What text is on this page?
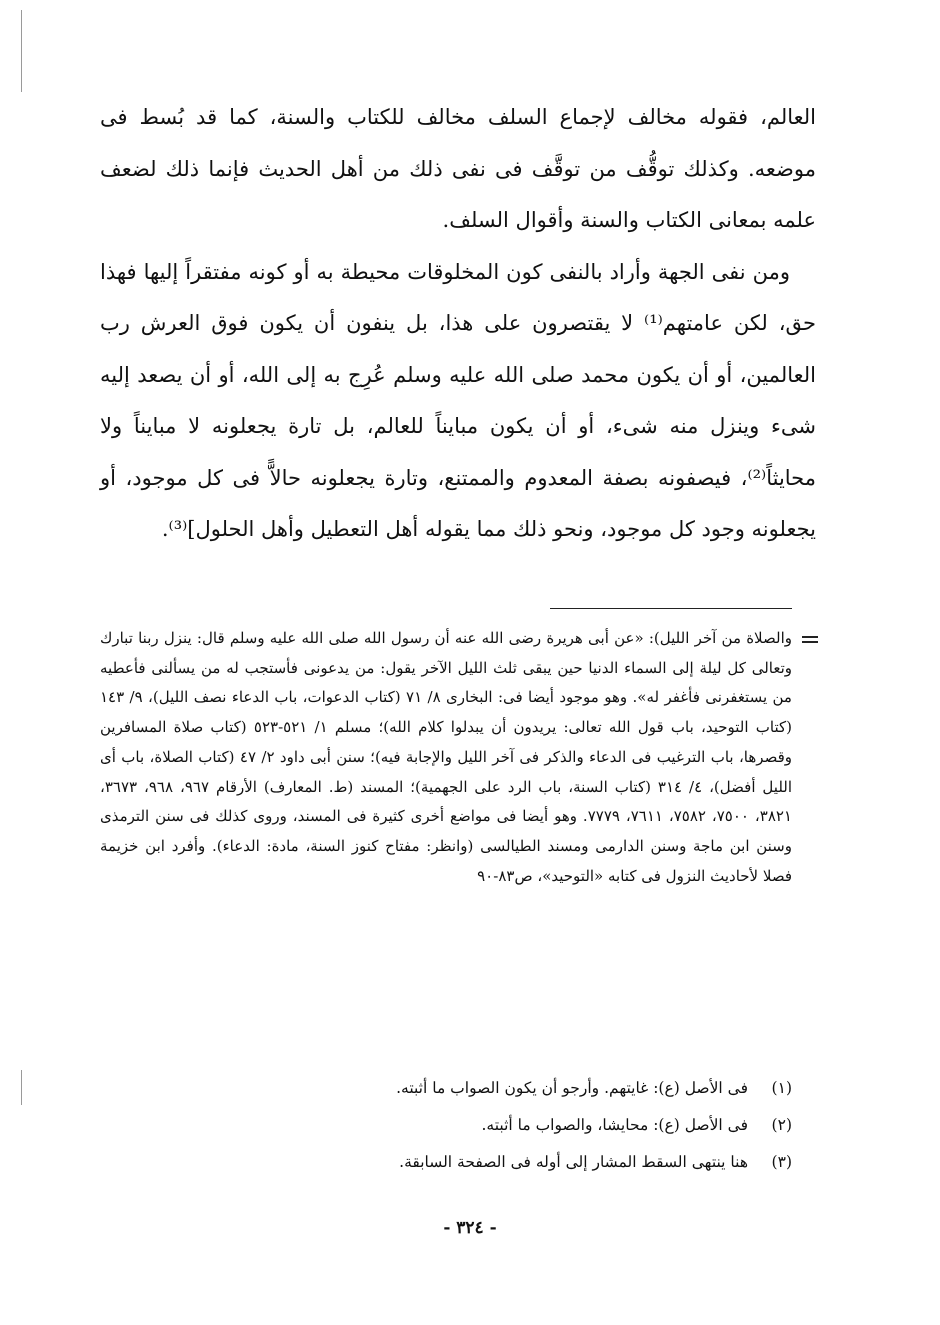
العالم، فقوله مخالف لإجماع السلف مخالف للكتاب والسنة، كما قد بُسط فى موضعه. وكذلك توقُّف من توقَّف فى نفى ذلك من أهل الحديث فإنما ذلك لضعف علمه بمعانى الكتاب والسنة وأقوال السلف.

ومن نفى الجهة وأراد بالنفى كون المخلوقات محيطة به أو كونه مفتقراً إليها فهذا حق، لكن عامتهم⁽¹⁾ لا يقتصرون على هذا، بل ينفون أن يكون فوق العرش رب العالمين، أو أن يكون محمد صلى الله عليه وسلم عُرِج به إلى الله، أو أن يصعد إليه شىء وينزل منه شىء، أو أن يكون مبايناً للعالم، بل تارة يجعلونه لا مبايناً ولا محايثاً⁽²⁾، فيصفونه بصفة المعدوم والممتنع، وتارة يجعلونه حالاًّ فى كل موجود، أو يجعلونه وجود كل موجود، ونحو ذلك مما يقوله أهل التعطيل وأهل الحلول]⁽³⁾.

والصلاة من آخر الليل): «عن أبى هريرة رضى الله عنه أن رسول الله صلى الله عليه وسلم قال: ينزل ربنا تبارك وتعالى كل ليلة إلى السماء الدنيا حين يبقى ثلث الليل الآخر يقول: من يدعونى فأستجب له من يسألنى فأعطيه من يستغفرنى فأغفر له». وهو موجود أيضا فى: البخارى ٨/ ٧١ (كتاب الدعوات، باب الدعاء نصف الليل)، ٩/ ١٤٣ (كتاب التوحيد، باب قول الله تعالى: يريدون أن يبدلوا كلام الله)؛ مسلم ١/ ٥٢١-٥٢٣ (كتاب صلاة المسافرين وقصرها، باب الترغيب فى الدعاء والذكر فى آخر الليل والإجابة فيه)؛ سنن أبى داود ٢/ ٤٧ (كتاب الصلاة، باب أى الليل أفضل)، ٤/ ٣١٤ (كتاب السنة، باب الرد على الجهمية)؛ المسند (ط. المعارف) الأرقام ٩٦٧، ٩٦٨، ٣٦٧٣، ٣٨٢١، ٧٥٠٠، ٧٥٨٢، ٧٦١١، ٧٧٧٩. وهو أيضا فى مواضع أخرى كثيرة فى المسند، وروى كذلك فى سنن الترمذى وسنن ابن ماجة وسنن الدارمى ومسند الطيالسى (وانظر: مفتاح كنوز السنة، مادة: الدعاء). وأفرد ابن خزيمة فصلا لأحاديث النزول فى كتابه «التوحيد»، ص٨٣-٩٠

(١)فى الأصل (ع): غايتهم. وأرجو أن يكون الصواب ما أثبته.
(٢)فى الأصل (ع): محايشا، والصواب ما أثبته.
(٣)هنا ينتهى السقط المشار إلى أوله فى الصفحة السابقة.
- ٣٢٤ -
